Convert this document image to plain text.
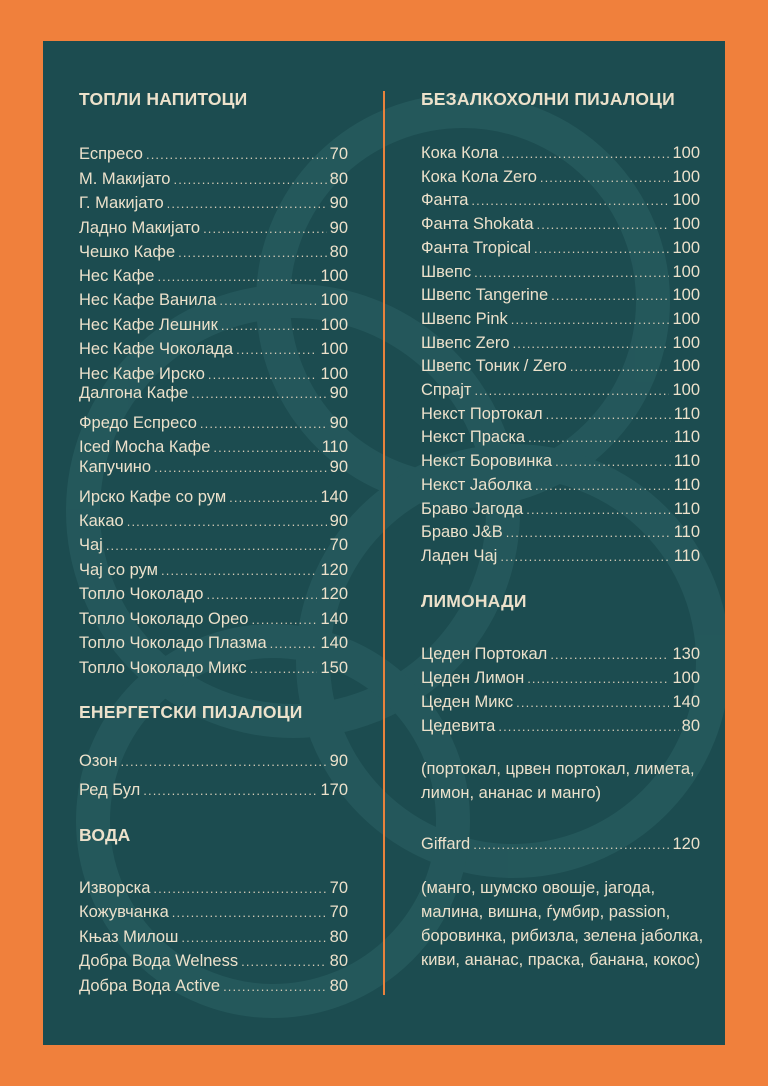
ТОПЛИ НАПИТОЦИ
Еспресо .....	70
М. Макијато .....	80
Г. Макијато .....	90
Ладно Макијато .....	90
Чешко Кафе .....	80
Нес Кафе .....	100
Нес Кафе Ванила .....	100
Нес Кафе Лешник .....	100
Нес Кафе Чоколада .....	100
Нес Кафе Ирско .....	100
Далгона Кафе .....	90
Фредо Еспресо .....	90
Iced Mocha Кафе .....	110
Капучино .....	90
Ирско Кафе со рум .....	140
Какао .....	90
Чај .....	70
Чај со рум .....	120
Топло Чоколадо .....	120
Топло Чоколадо Орео .....	140
Топло Чоколадо Плазма .....	140
Топло Чоколадо Микс .....	150
ЕНЕРГЕТСКИ ПИЈАЛОЦИ
Озон .....	90
Ред Бул .....	170
ВОДА
Изворска .....	70
Кожувчанка .....	70
Књаз Милош .....	80
Добра Вода Welness .....	80
Добра Вода Active .....	80
БЕЗАЛКОХОЛНИ ПИЈАЛОЦИ
Кока Кола .....	100
Кока Кола Zero .....	100
Фанта .....	100
Фанта Shokata .....	100
Фанта Tropical .....	100
Швепс .....	100
Швепс Tangerine .....	100
Швепс Pink .....	100
Швепс Zero .....	100
Швепс Тоник / Zero .....	100
Спрајт .....	100
Некст Портокал .....	110
Некст Праска .....	110
Некст Боровинка .....	110
Некст Јаболка .....	110
Браво Јагода .....	110
Браво J&B .....	110
Ладен Чај .....	110
ЛИМОНАДИ
Цеден Портокал .....	130
Цеден Лимон .....	100
Цеден Микс .....	140
Цедевита .....	80
(портокал, црвен портокал, лимета, лимон, ананас и манго)
Giffard .....	120
(манго, шумско овошје, јагода, малина, вишна, ѓумбир, passion, боровинка, рибизла, зелена јаболка, киви, ананас, праска, банана, кокос)
